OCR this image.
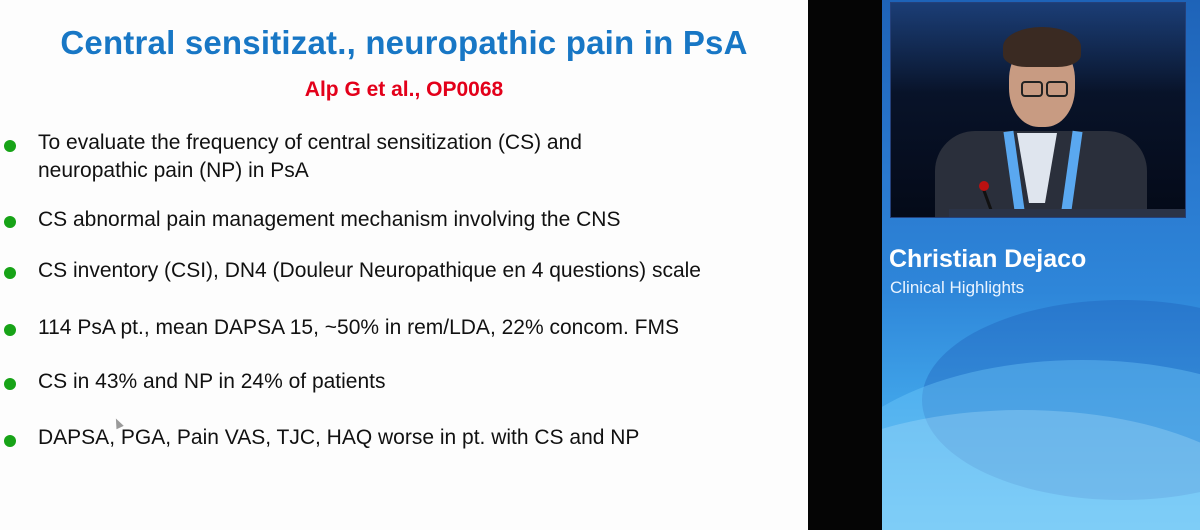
Central sensitizat., neuropathic pain in PsA
Alp G et al., OP0068
To evaluate the frequency of central sensitization (CS) and
neuropathic pain (NP) in PsA
CS abnormal pain management mechanism involving the CNS
CS inventory (CSI), DN4 (Douleur Neuropathique en 4 questions) scale
114 PsA pt., mean DAPSA 15, ~50% in rem/LDA, 22% concom. FMS
CS in 43% and NP in 24% of patients
DAPSA, PGA, Pain VAS, TJC, HAQ worse in pt. with CS and NP
Christian Dejaco
Clinical Highlights
